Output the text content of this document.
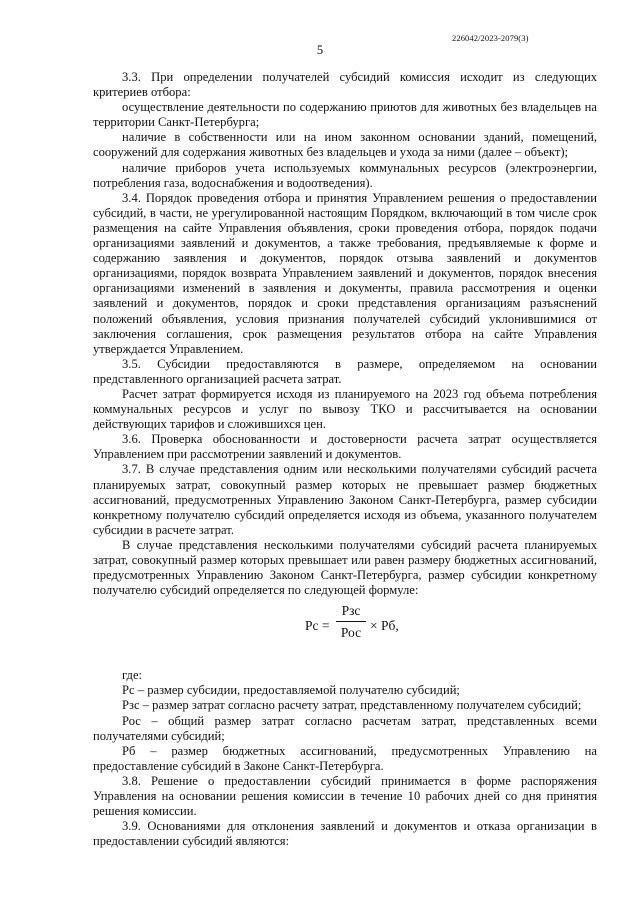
226042/2023-2079(3)
5

3.3. При определении получателей субсидий комиссия исходит из следующих критериев отбора:

осуществление деятельности по содержанию приютов для животных без владельцев на территории Санкт-Петербурга;

наличие в собственности или на ином законном основании зданий, помещений, сооружений для содержания животных без владельцев и ухода за ними (далее – объект);

наличие приборов учета используемых коммунальных ресурсов (электроэнергии, потребления газа, водоснабжения и водоотведения).

3.4. Порядок проведения отбора и принятия Управлением решения о предоставлении субсидий, в части, не урегулированной настоящим Порядком, включающий в том числе срок размещения на сайте Управления объявления, сроки проведения отбора, порядок подачи организациями заявлений и документов, а также требования, предъявляемые к форме и содержанию заявления и документов, порядок отзыва заявлений и документов организациями, порядок возврата Управлением заявлений и документов, порядок внесения организациями изменений в заявления и документы, правила рассмотрения и оценки заявлений и документов, порядок и сроки представления организациям разъяснений положений объявления, условия признания получателей субсидий уклонившимися от заключения соглашения, срок размещения результатов отбора на сайте Управления утверждается Управлением.

3.5. Субсидии предоставляются в размере, определяемом на основании представленного организацией расчета затрат.

Расчет затрат формируется исходя из планируемого на 2023 год объема потребления коммунальных ресурсов и услуг по вывозу ТКО и рассчитывается на основании действующих тарифов и сложившихся цен.

3.6. Проверка обоснованности и достоверности расчета затрат осуществляется Управлением при рассмотрении заявлений и документов.

3.7. В случае представления одним или несколькими получателями субсидий расчета планируемых затрат, совокупный размер которых не превышает размер бюджетных ассигнований, предусмотренных Управлению Законом Санкт-Петербурга, размер субсидии конкретному получателю субсидий определяется исходя из объема, указанного получателем субсидии в расчете затрат.

В случае представления несколькими получателями субсидий расчета планируемых затрат, совокупный размер которых превышает или равен размеру бюджетных ассигнований, предусмотренных Управлению Законом Санкт-Петербурга, размер субсидии конкретному получателю субсидий определяется по следующей формуле:

Рс =
Рзс
Рос × Рб,

где:

Рс – размер субсидии, предоставляемой получателю субсидий;

Рзс – размер затрат согласно расчету затрат, представленному получателем субсидий;

Рос – общий размер затрат согласно расчетам затрат, представленных всеми получателями субсидий;

Рб – размер бюджетных ассигнований, предусмотренных Управлению на предоставление субсидий в Законе Санкт-Петербурга.

3.8. Решение о предоставлении субсидий принимается в форме распоряжения Управления на основании решения комиссии в течение 10 рабочих дней со дня принятия решения комиссии.

3.9. Основаниями для отклонения заявлений и документов и отказа организации в предоставлении субсидий являются:
